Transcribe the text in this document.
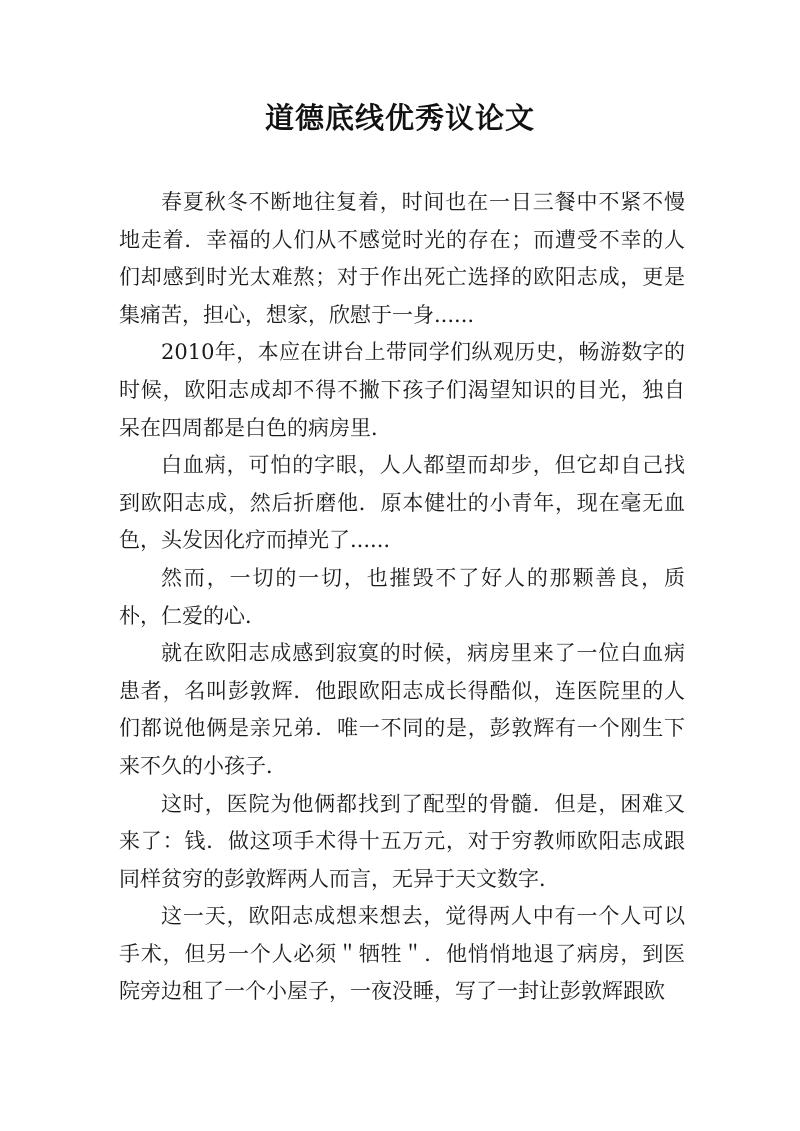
道德底线优秀议论文

春夏秋冬不断地往复着，时间也在一日三餐中不紧不慢地走着．幸福的人们从不感觉时光的存在；而遭受不幸的人们却感到时光太难熬；对于作出死亡选择的欧阳志成，更是集痛苦，担心，想家，欣慰于一身......

2010年，本应在讲台上带同学们纵观历史，畅游数字的时候，欧阳志成却不得不撇下孩子们渴望知识的目光，独自呆在四周都是白色的病房里．

白血病，可怕的字眼，人人都望而却步，但它却自己找到欧阳志成，然后折磨他．原本健壮的小青年，现在毫无血色，头发因化疗而掉光了......

然而，一切的一切，也摧毁不了好人的那颗善良，质朴，仁爱的心．

就在欧阳志成感到寂寞的时候，病房里来了一位白血病患者，名叫彭敦辉．他跟欧阳志成长得酷似，连医院里的人们都说他俩是亲兄弟．唯一不同的是，彭敦辉有一个刚生下来不久的小孩子．

这时，医院为他俩都找到了配型的骨髓．但是，困难又来了：钱．做这项手术得十五万元，对于穷教师欧阳志成跟同样贫穷的彭敦辉两人而言，无异于天文数字．

这一天，欧阳志成想来想去，觉得两人中有一个人可以手术，但另一个人必须＂牺牲＂．他悄悄地退了病房，到医院旁边租了一个小屋子，一夜没睡，写了一封让彭敦辉跟欧
